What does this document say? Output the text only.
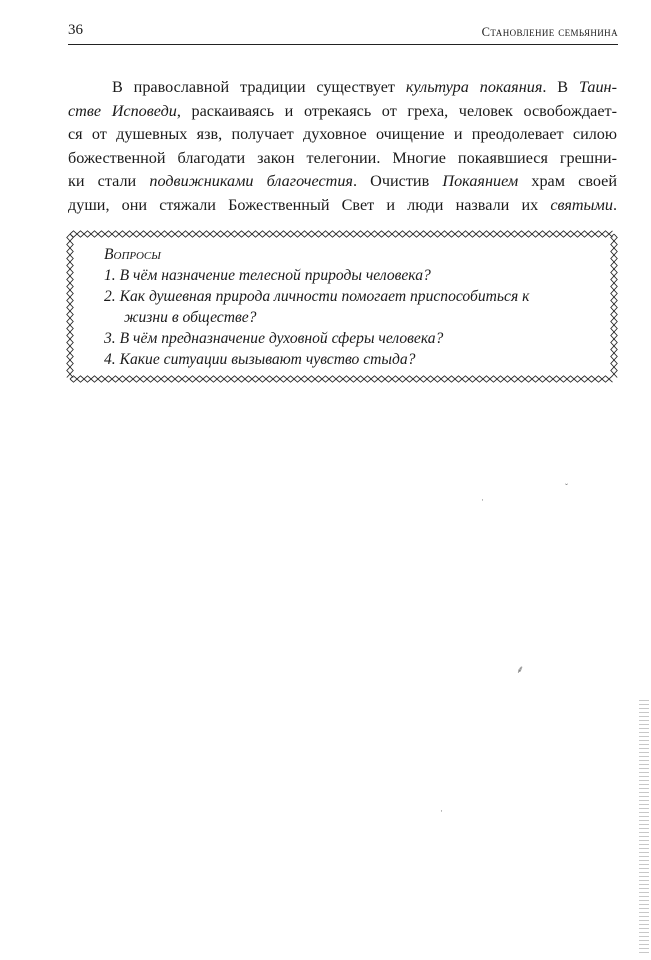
36	Становление семьянина

В православной традиции существует культура покаяния. В Таин-
стве Исповеди, раскаиваясь и отрекаясь от греха, человек освобождает-
ся от душевных язв, получает духовное очищение и преодолевает силою
божественной благодати закон телегонии. Многие покаявшиеся грешни-
ки стали подвижниками благочестия. Очистив Покаянием храм своей
души, они стяжали Божественный Свет и люди назвали их святыми.

Вопросы
1. В чём назначение телесной природы человека?
2. Как душевная природа личности помогает приспособиться к
жизни в обществе?
3. В чём предназначение духовной сферы человека?
4. Какие ситуации вызывают чувство стыда?
·
ˇ
⸙
·
